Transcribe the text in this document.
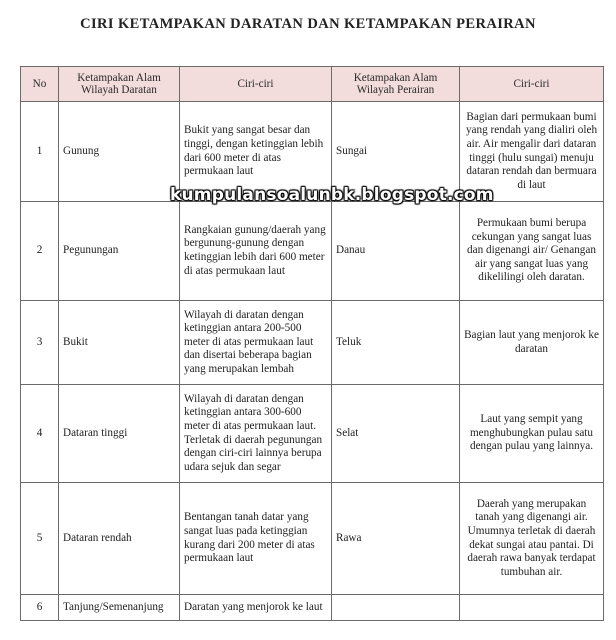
CIRI KETAMPAKAN DARATAN DAN KETAMPAKAN PERAIRAN
No	Ketampakan Alam Wilayah Daratan	Ciri-ciri	Ketampakan Alam Wilayah Perairan	Ciri-ciri
1	Gunung	Bukit yang sangat besar dan tinggi, dengan ketinggian lebih dari 600 meter di atas permukaan laut	Sungai	Bagian dari permukaan bumi yang rendah yang dialiri oleh air. Air mengalir dari dataran tinggi (hulu sungai) menuju dataran rendah dan bermuara di laut
2	Pegunungan	Rangkaian gunung/daerah yang bergunung-gunung dengan ketinggian lebih dari 600 meter di atas permukaan laut	Danau	Permukaan bumi berupa cekungan yang sangat luas dan digenangi air/ Genangan air yang sangat luas yang dikelilingi oleh daratan.
3	Bukit	Wilayah di daratan dengan ketinggian antara 200-500 meter di atas permukaan laut dan disertai beberapa bagian yang merupakan lembah	Teluk	Bagian laut yang menjorok ke daratan
4	Dataran tinggi	Wilayah di daratan dengan ketinggian antara 300-600 meter di atas permukaan laut. Terletak di daerah pegunungan dengan ciri-ciri lainnya berupa udara sejuk dan segar	Selat	Laut yang sempit yang menghubungkan pulau satu dengan pulau yang lainnya.
5	Dataran rendah	Bentangan tanah datar yang sangat luas pada ketinggian kurang dari 200 meter di atas permukaan laut	Rawa	Daerah yang merupakan tanah yang digenangi air. Umumnya terletak di daerah dekat sungai atau pantai. Di daerah rawa banyak terdapat tumbuhan air.
6	Tanjung/Semenanjung	Daratan yang menjorok ke laut		
kumpulansoalunbk.blogspot.com
